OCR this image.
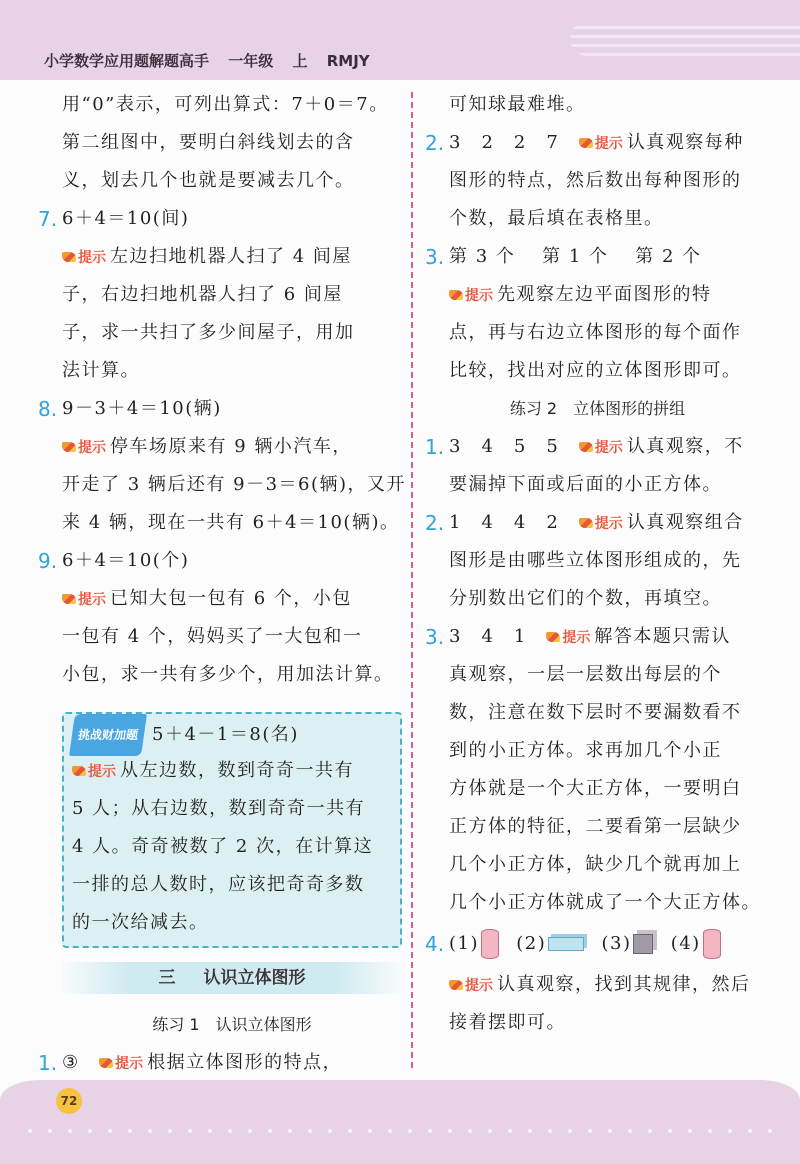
小学数学应用题解题高手 一年级 上 RMJY
用“0”表示，可列出算式：7＋0＝7。
第二组图中，要明白斜线划去的含
义，划去几个也就是要减去几个。
7. 6＋4＝10(间)
提示 左边扫地机器人扫了 4 间屋
子，右边扫地机器人扫了 6 间屋
子，求一共扫了多少间屋子，用加
法计算。
8. 9－3＋4＝10(辆)
提示 停车场原来有 9 辆小汽车，
开走了 3 辆后还有 9－3＝6(辆)，又开
来 4 辆，现在一共有 6＋4＝10(辆)。
9. 6＋4＝10(个)
提示 已知大包一包有 6 个，小包
一包有 4 个，妈妈买了一大包和一
小包，求一共有多少个，用加法计算。
挑战财加题 5＋4－1＝8(名)
提示 从左边数，数到奇奇一共有
5 人；从右边数，数到奇奇一共有
4 人。奇奇被数了 2 次，在计算这
一排的总人数时，应该把奇奇多数
的一次给减去。
三 认识立体图形
练习 1 认识立体图形
1. ③　	提示 根据立体图形的特点，
可知球最难堆。
2. 3　2　2　7　	提示 认真观察每种
图形的特点，然后数出每种图形的
个数，最后填在表格里。
3. 第 3 个　 第 1 个　 第 2 个
提示 先观察左边平面图形的特
点，再与右边立体图形的每个面作
比较，找出对应的立体图形即可。
练习 2 立体图形的拼组
1. 3　4　5　5　	提示 认真观察，不
要漏掉下面或后面的小正方体。
2. 1　4　4　2　	提示 认真观察组合
图形是由哪些立体图形组成的，先
分别数出它们的个数，再填空。
3. 3　4　1　	提示 解答本题只需认
真观察，一层一层数出每层的个
数，注意在数下层时不要漏数看不
到的小正方体。求再加几个小正
方体就是一个大正方体，一要明白
正方体的特征，二要看第一层缺少
几个小正方体，缺少几个就再加上
几个小正方体就成了一个大正方体。
4. (1) (2)	(3) (4)
提示 认真观察，找到其规律，然后
接着摆即可。
72
